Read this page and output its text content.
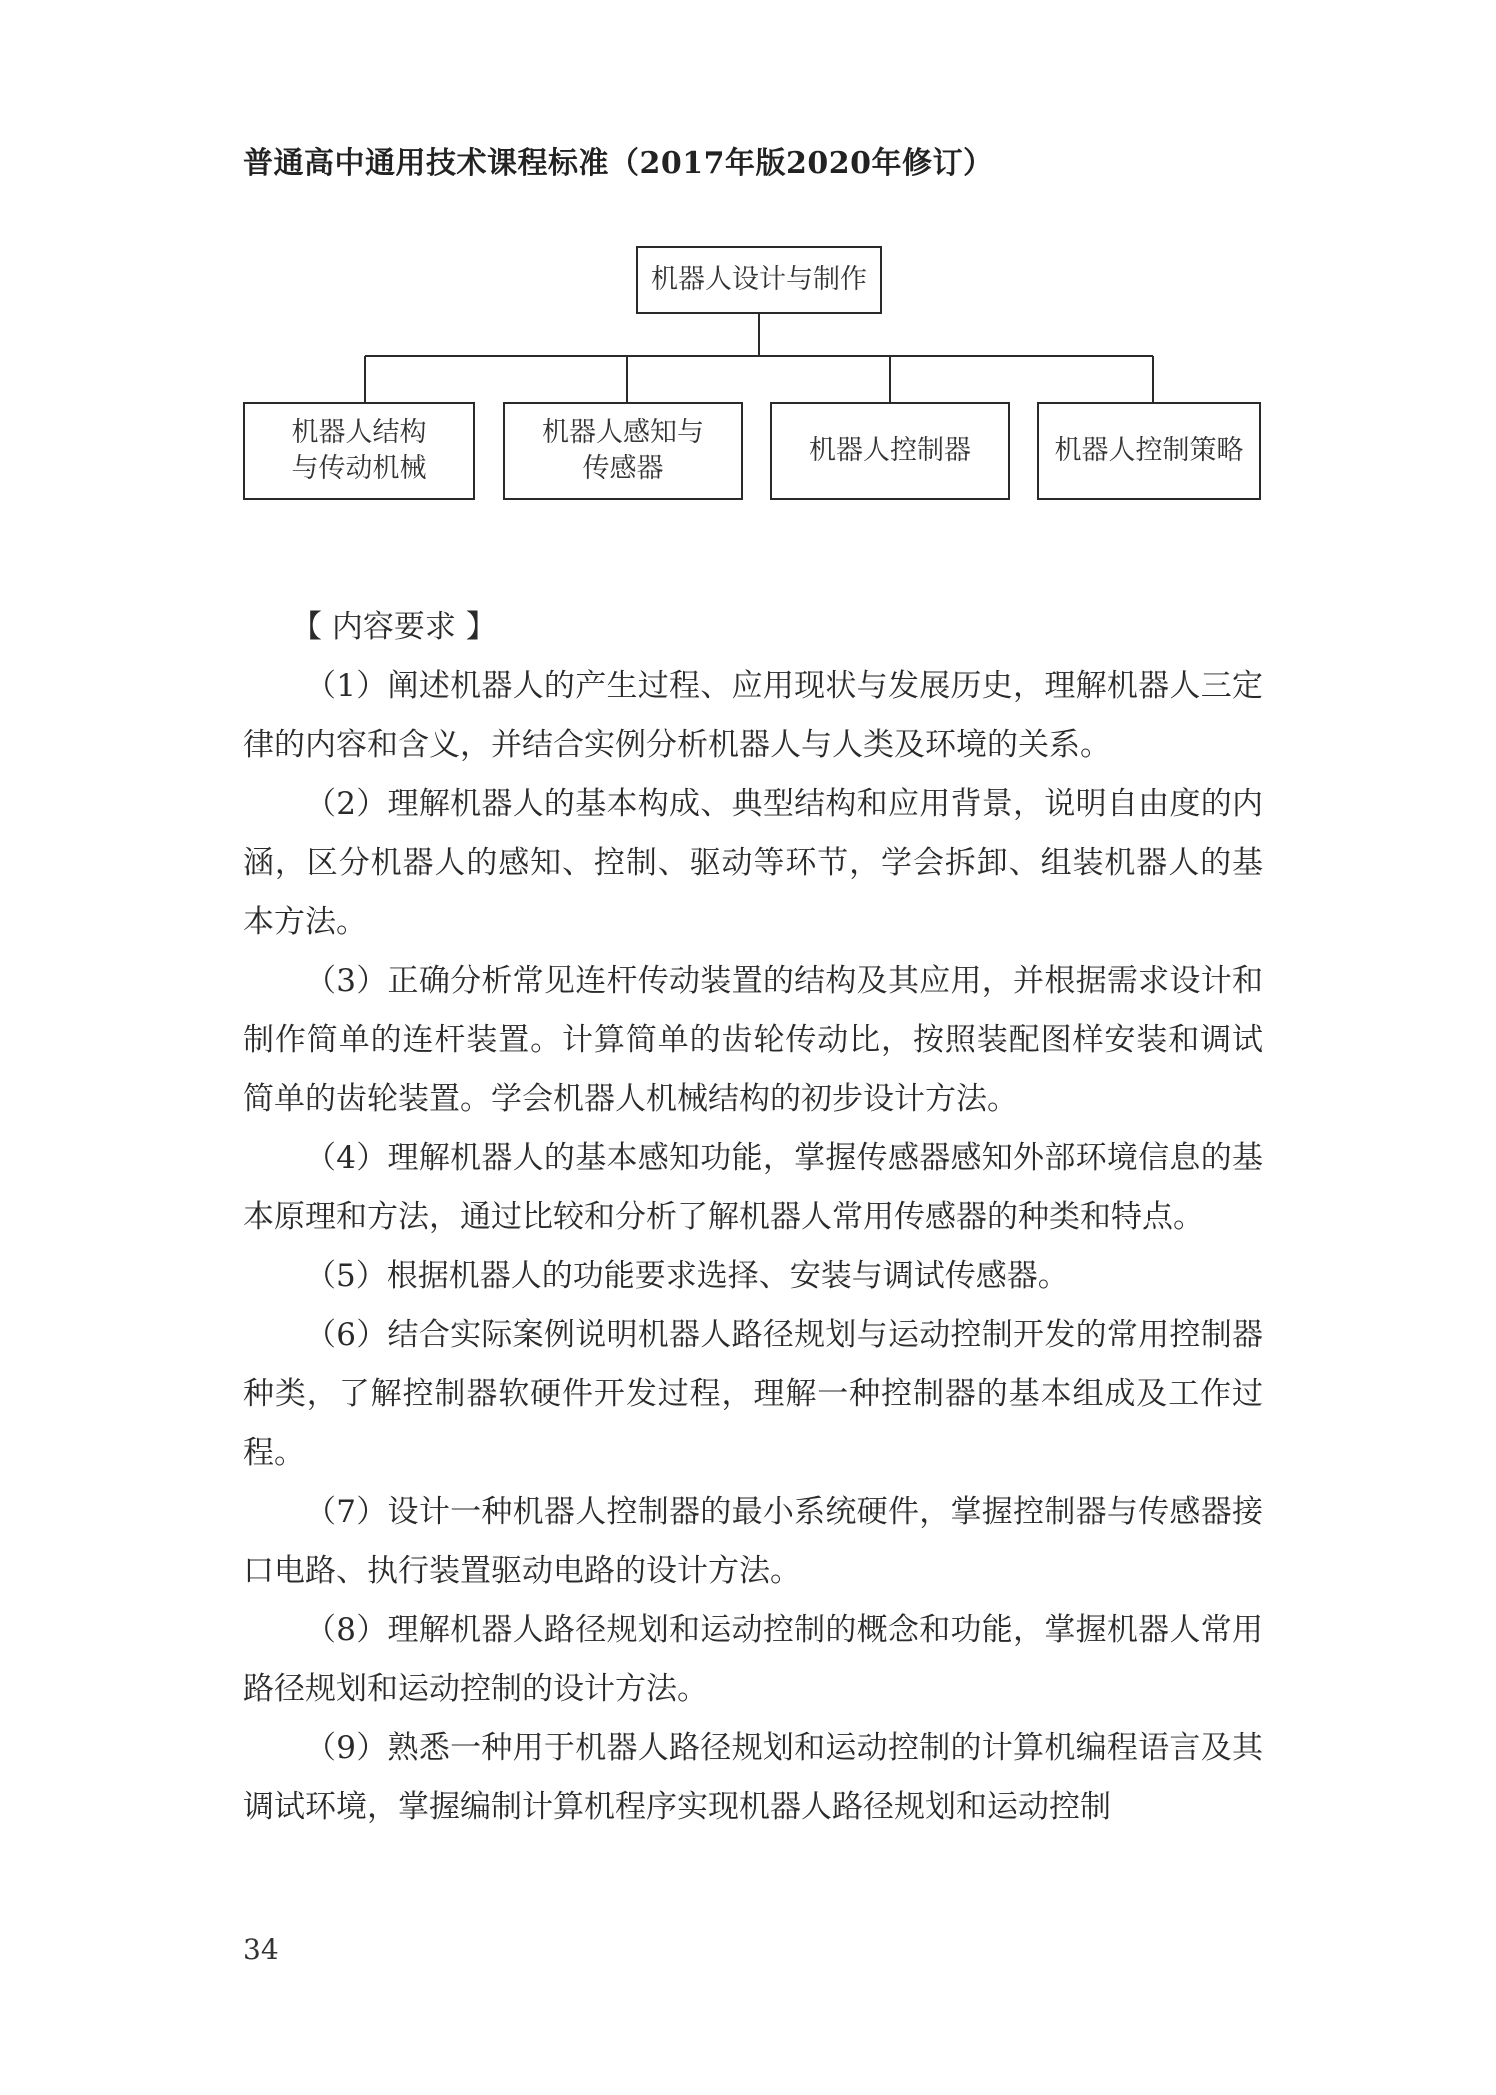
普通高中通用技术课程标准（2017年版2020年修订）
机器人设计与制作
机器人结构
与传动机械
机器人感知与
传感器
机器人控制器	机器人控制策略
【 内容要求 】

（1）阐述机器人的产生过程、应用现状与发展历史，理解机器人三定律的内容和含义，并结合实例分析机器人与人类及环境的关系。

（2）理解机器人的基本构成、典型结构和应用背景，说明自由度的内涵，区分机器人的感知、控制、驱动等环节，学会拆卸、组装机器人的基本方法。

（3）正确分析常见连杆传动装置的结构及其应用，并根据需求设计和制作简单的连杆装置。计算简单的齿轮传动比，按照装配图样安装和调试简单的齿轮装置。学会机器人机械结构的初步设计方法。

（4）理解机器人的基本感知功能，掌握传感器感知外部环境信息的基本原理和方法，通过比较和分析了解机器人常用传感器的种类和特点。

（5）根据机器人的功能要求选择、安装与调试传感器。

（6）结合实际案例说明机器人路径规划与运动控制开发的常用控制器种类，了解控制器软硬件开发过程，理解一种控制器的基本组成及工作过程。

（7）设计一种机器人控制器的最小系统硬件，掌握控制器与传感器接口电路、执行装置驱动电路的设计方法。

（8）理解机器人路径规划和运动控制的概念和功能，掌握机器人常用路径规划和运动控制的设计方法。

（9）熟悉一种用于机器人路径规划和运动控制的计算机编程语言及其调试环境，掌握编制计算机程序实现机器人路径规划和运动控制

34
